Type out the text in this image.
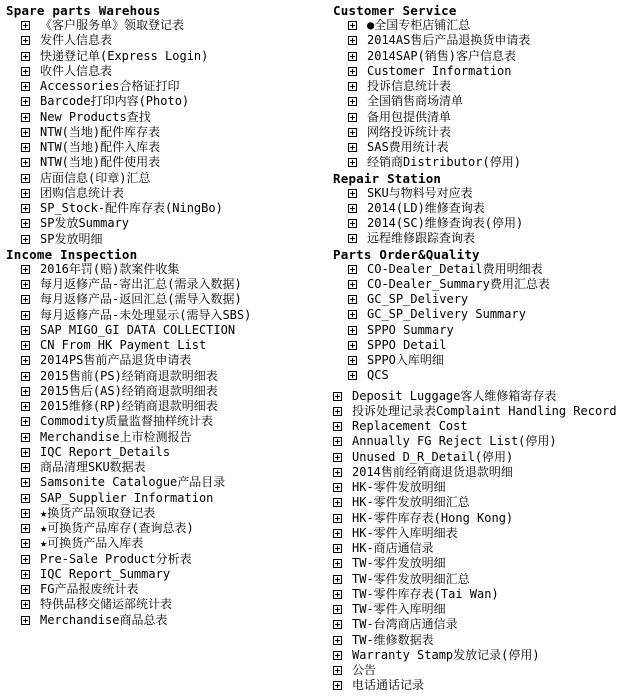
Spare parts Warehous
《客户服务单》领取登记表
发件人信息表
快递登记单(Express Login)
收件人信息表
Accessories合格证打印
Barcode打印内容(Photo)
New Products查找
NTW(当地)配件库存表
NTW(当地)配件入库表
NTW(当地)配件使用表
店面信息(印章)汇总
团购信息统计表
SP_Stock-配件库存表(NingBo)
SP发放Summary
SP发放明细
Income Inspection
2016年罚(赔)款案件收集
每月返修产品-寄出汇总(需录入数据)
每月返修产品-返回汇总(需导入数据)
每月返修产品-未处理显示(需导入SBS)
SAP MIGO_GI DATA COLLECTION
CN From HK Payment List
2014PS售前产品退货申请表
2015售前(PS)经销商退款明细表
2015售后(AS)经销商退款明细表
2015维修(RP)经销商退款明细表
Commodity质量监督抽样统计表
Merchandise上市检测报告
IQC Report_Details
商品清理SKU数据表
Samsonite Catalogue产品目录
SAP_Supplier Information
★换货产品领取登记表
★可换货产品库存(查询总表)
★可换货产品入库表
Pre-Sale Product分析表
IQC Report_Summary
FG产品报废统计表
特供品移交储运部统计表
Merchandise商品总表
Customer Service
●全国专柜店铺汇总
2014AS售后产品退换货申请表
2014SAP(销售)客户信息表
Customer Information
投诉信息统计表
全国销售商场清单
备用包提供清单
网络投诉统计表
SAS费用统计表
经销商Distributor(停用)
Repair Station
SKU与物料号对应表
2014(LD)维修查询表
2014(SC)维修查询表(停用)
远程维修跟踪查询表
Parts Order&Quality
CO-Dealer_Detail费用明细表
CO-Dealer_Summary费用汇总表
GC_SP_Delivery
GC_SP_Delivery Summary
SPPO Summary
SPPO Detail
SPPO入库明细
QCS
Deposit Luggage客人维修箱寄存表
投诉处理记录表Complaint Handling Record
Replacement Cost
Annually FG Reject List(停用)
Unused D_R_Detail(停用)
2014售前经销商退货退款明细
HK-零件发放明细
HK-零件发放明细汇总
HK-零件库存表(Hong Kong)
HK-零件入库明细表
HK-商店通信录
TW-零件发放明细
TW-零件发放明细汇总
TW-零件库存表(Tai Wan)
TW-零件入库明细
TW-台湾商店通信录
TW-维修数据表
Warranty Stamp发放记录(停用)
公告
电话通话记录
